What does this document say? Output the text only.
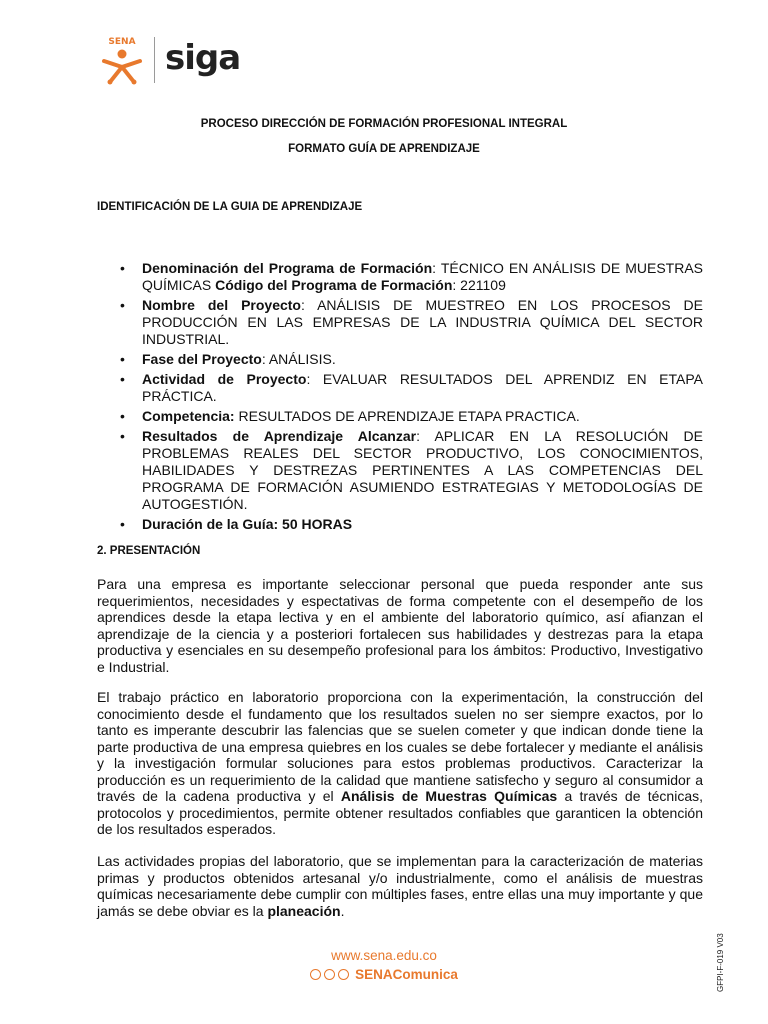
SENA siga
PROCESO DIRECCIÓN DE FORMACIÓN PROFESIONAL INTEGRAL
FORMATO GUÍA DE APRENDIZAJE
IDENTIFICACIÓN DE LA GUIA DE APRENDIZAJE
• Denominación del Programa de Formación: TÉCNICO EN ANÁLISIS DE MUESTRAS QUÍMICAS Código del Programa de Formación: 221109
• Nombre del Proyecto: ANÁLISIS DE MUESTREO EN LOS PROCESOS DE PRODUCCIÓN EN LAS EMPRESAS DE LA INDUSTRIA QUÍMICA DEL SECTOR INDUSTRIAL.
• Fase del Proyecto: ANÁLISIS.
• Actividad de Proyecto: EVALUAR RESULTADOS DEL APRENDIZ EN ETAPA PRÁCTICA.
• Competencia: RESULTADOS DE APRENDIZAJE ETAPA PRACTICA.
• Resultados de Aprendizaje Alcanzar: APLICAR EN LA RESOLUCIÓN DE PROBLEMAS REALES DEL SECTOR PRODUCTIVO, LOS CONOCIMIENTOS, HABILIDADES Y DESTREZAS PERTINENTES A LAS COMPETENCIAS DEL PROGRAMA DE FORMACIÓN ASUMIENDO ESTRATEGIAS Y METODOLOGÍAS DE AUTOGESTIÓN.
• Duración de la Guía: 50 HORAS
2. PRESENTACIÓN

Para una empresa es importante seleccionar personal que pueda responder ante sus requerimientos, necesidades y espectativas de forma competente con el desempeño de los aprendices desde la etapa lectiva y en el ambiente del laboratorio químico, así afianzan el aprendizaje de la ciencia y a posteriori fortalecen sus habilidades y destrezas para la etapa productiva y esenciales en su desempeño profesional para los ámbitos: Productivo, Investigativo e Industrial.

El trabajo práctico en laboratorio proporciona con la experimentación, la construcción del conocimiento desde el fundamento que los resultados suelen no ser siempre exactos, por lo tanto es imperante descubrir las falencias que se suelen cometer y que indican donde tiene la parte productiva de una empresa quiebres en los cuales se debe fortalecer y mediante el análisis y la investigación formular soluciones para estos problemas productivos. Caracterizar la producción es un requerimiento de la calidad que mantiene satisfecho y seguro al consumidor a través de la cadena productiva y el Análisis de Muestras Químicas a través de técnicas, protocolos y procedimientos, permite obtener resultados confiables que garanticen la obtención de los resultados esperados.

Las actividades propias del laboratorio, que se implementan para la caracterización de materias primas y productos obtenidos artesanal y/o industrialmente, como el análisis de muestras químicas necesariamente debe cumplir con múltiples fases, entre ellas una muy importante y que jamás se debe obviar es la planeación.

www.sena.edu.co
SENAComunica	GFPI-F-019 V03
